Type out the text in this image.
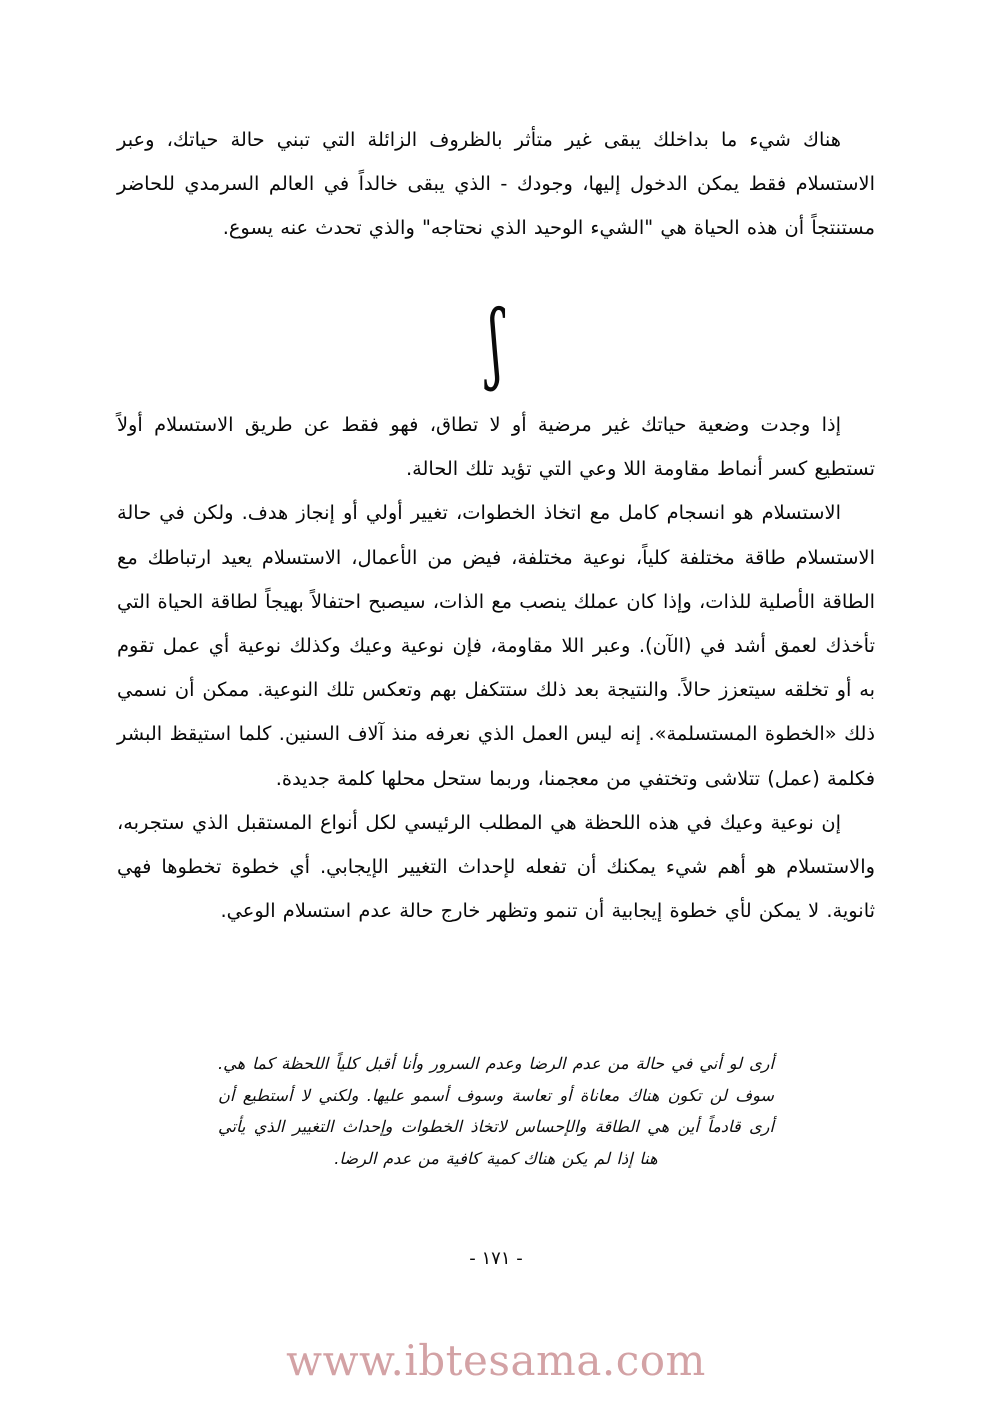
هناك شيء ما بداخلك يبقى غير متأثر بالظروف الزائلة التي تبني حالة حياتك، وعبر الاستسلام فقط يمكن الدخول إليها، وجودك - الذي يبقى خالداً في العالم السرمدي للحاضر مستنتجاً أن هذه الحياة هي "الشيء الوحيد الذي نحتاجه" والذي تحدث عنه يسوع.

ʃ

إذا وجدت وضعية حياتك غير مرضية أو لا تطاق، فهو فقط عن طريق الاستسلام أولاً تستطيع كسر أنماط مقاومة اللا وعي التي تؤيد تلك الحالة.

الاستسلام هو انسجام كامل مع اتخاذ الخطوات، تغيير أولي أو إنجاز هدف. ولكن في حالة الاستسلام طاقة مختلفة كلياً، نوعية مختلفة، فيض من الأعمال، الاستسلام يعيد ارتباطك مع الطاقة الأصلية للذات، وإذا كان عملك ينصب مع الذات، سيصبح احتفالاً بهيجاً لطاقة الحياة التي تأخذك لعمق أشد في (الآن). وعبر اللا مقاومة، فإن نوعية وعيك وكذلك نوعية أي عمل تقوم به أو تخلقه سيتعزز حالاً. والنتيجة بعد ذلك ستتكفل بهم وتعكس تلك النوعية. ممكن أن نسمي ذلك «الخطوة المستسلمة». إنه ليس العمل الذي نعرفه منذ آلاف السنين. كلما استيقظ البشر فكلمة (عمل) تتلاشى وتختفي من معجمنا، وربما ستحل محلها كلمة جديدة.

إن نوعية وعيك في هذه اللحظة هي المطلب الرئيسي لكل أنواع المستقبل الذي ستجربه، والاستسلام هو أهم شيء يمكنك أن تفعله لإحداث التغيير الإيجابي. أي خطوة تخطوها فهي ثانوية. لا يمكن لأي خطوة إيجابية أن تنمو وتظهر خارج حالة عدم استسلام الوعي.

أرى لو أني في حالة من عدم الرضا وعدم السرور وأنا أقبل كلياً اللحظة كما هي. سوف لن تكون هناك معاناة أو تعاسة وسوف أسمو عليها. ولكني لا أستطيع أن أرى قادماً أين هي الطاقة والإحساس لاتخاذ الخطوات وإحداث التغيير الذي يأتي هنا إذا لم يكن هناك كمية كافية من عدم الرضا.

- ١٧١ -
www.ibtesama.com
